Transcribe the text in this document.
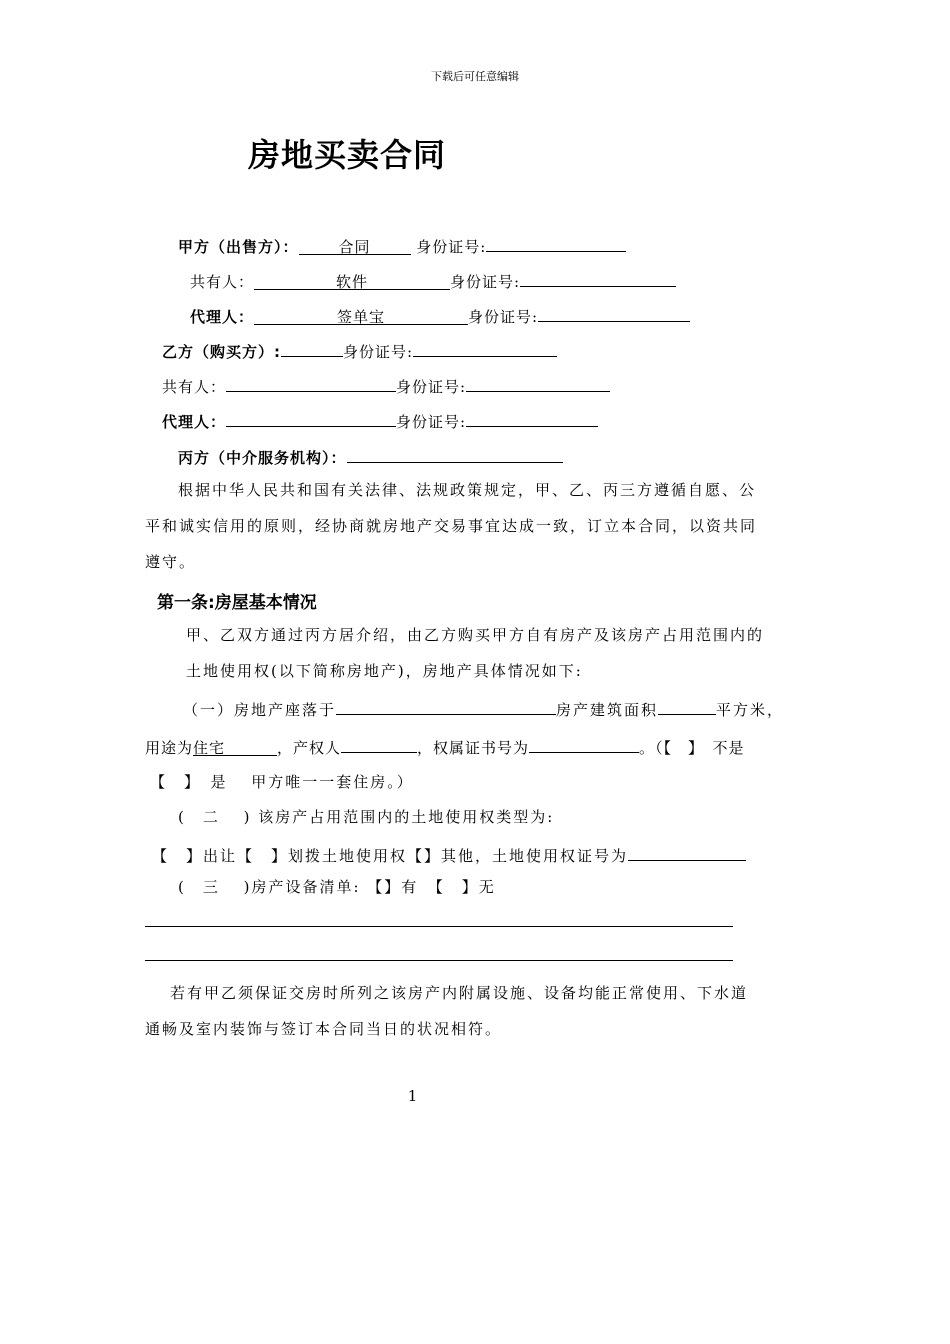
下载后可任意编辑
房地买卖合同
甲方（出售方）：	合同	身份证号:
共有人：	软件	身份证号:
代理人：	签单宝	身份证号:
乙方（购买方）:	身份证号:
共有人：	身份证号:
代理人：	身份证号:
丙方（中介服务机构）：
根据中华人民共和国有关法律、法规政策规定，甲、乙、丙三方遵循自愿、公
平和诚实信用的原则，经协商就房地产交易事宜达成一致，订立本合同，以资共同
遵守。
第一条:房屋基本情况
甲、乙双方通过丙方居介绍，由乙方购买甲方自有房产及该房产占用范围内的
土地使用权(以下简称房地产)，房地产具体情况如下:
（一）房地产座落于	房产建筑面积	平方米，
用途为住宅	，产权人	，权属证书号为	。（【　】　不是
【　】　是　 甲方唯一一套住房。）
(　二　 ) 该房产占用范围内的土地使用权类型为:
【　】出让【　】划拨土地使用权【】其他，土地使用权证号为
(　三　 )房产设备清单: 【】有　【　】无
若有甲乙须保证交房时所列之该房产内附属设施、设备均能正常使用、下水道
通畅及室内装饰与签订本合同当日的状况相符。
1
